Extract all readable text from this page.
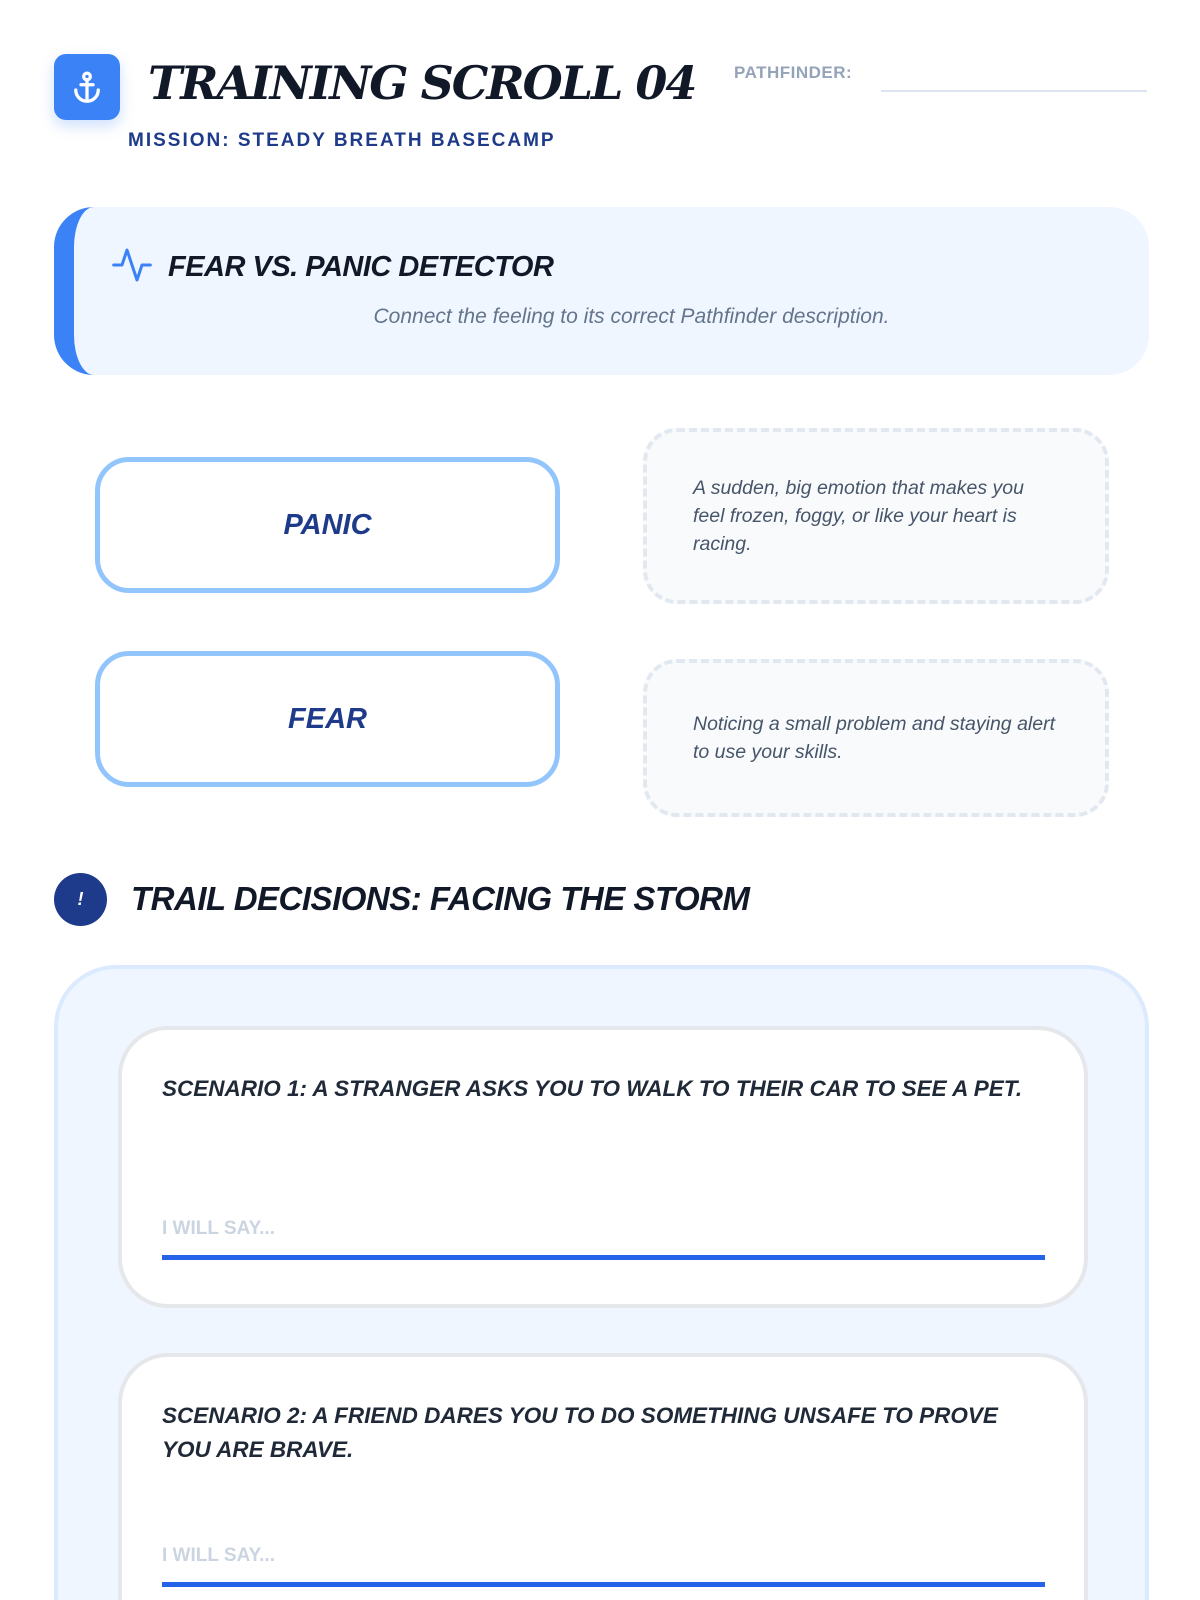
TRAINING SCROLL 04
MISSION: STEADY BREATH BASECAMP
PATHFINDER:
FEAR VS. PANIC DETECTOR
Connect the feeling to its correct Pathfinder description.
PANIC
FEAR
A sudden, big emotion that makes you feel frozen, foggy, or like your heart is racing.
Noticing a small problem and staying alert to use your skills.
!	TRAIL DECISIONS: FACING THE STORM
SCENARIO 1: A STRANGER ASKS YOU TO WALK TO THEIR CAR TO SEE A PET.
I WILL SAY...
SCENARIO 2: A FRIEND DARES YOU TO DO SOMETHING UNSAFE TO PROVE YOU ARE BRAVE.
I WILL SAY...
